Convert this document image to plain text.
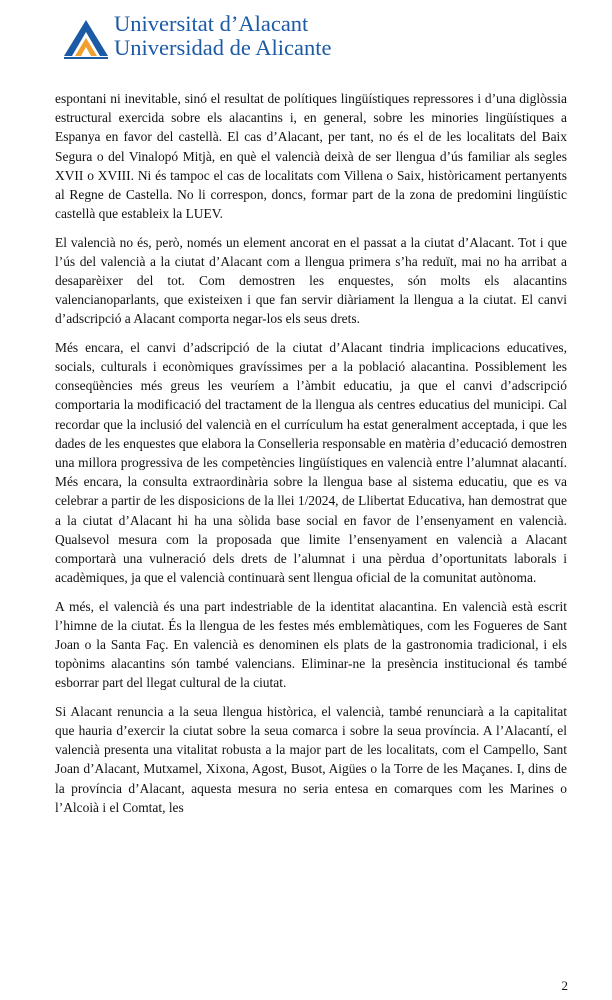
Universitat d’Alacant
Universidad de Alicante

espontani ni inevitable, sinó el resultat de polítiques lingüístiques repressores i d’una diglòssia estructural exercida sobre els alacantins i, en general, sobre les minories lingüístiques a Espanya en favor del castellà. El cas d’Alacant, per tant, no és el de les localitats del Baix Segura o del Vinalopó Mitjà, en què el valencià deixà de ser llengua d’ús familiar als segles XVII o XVIII. Ni és tampoc el cas de localitats com Villena o Saix, històricament pertanyents al Regne de Castella. No li correspon, doncs, formar part de la zona de predomini lingüístic castellà que estableix la LUEV.

El valencià no és, però, només un element ancorat en el passat a la ciutat d’Alacant. Tot i que l’ús del valencià a la ciutat d’Alacant com a llengua primera s’ha reduït, mai no ha arribat a desaparèixer del tot. Com demostren les enquestes, són molts els alacantins valencianoparlants, que existeixen i que fan servir diàriament la llengua a la ciutat. El canvi d’adscripció a Alacant comporta negar-los els seus drets.

Més encara, el canvi d’adscripció de la ciutat d’Alacant tindria implicacions educatives, socials, culturals i econòmiques gravíssimes per a la població alacantina. Possiblement les conseqüències més greus les veuríem a l’àmbit educatiu, ja que el canvi d’adscripció comportaria la modificació del tractament de la llengua als centres educatius del municipi. Cal recordar que la inclusió del valencià en el currículum ha estat generalment acceptada, i que les dades de les enquestes que elabora la Conselleria responsable en matèria d’educació demostren una millora progressiva de les competències lingüístiques en valencià entre l’alumnat alacantí. Més encara, la consulta extraordinària sobre la llengua base al sistema educatiu, que es va celebrar a partir de les disposicions de la llei 1/2024, de Llibertat Educativa, han demostrat que a la ciutat d’Alacant hi ha una sòlida base social en favor de l’ensenyament en valencià. Qualsevol mesura com la proposada que limite l’ensenyament en valencià a Alacant comportarà una vulneració dels drets de l’alumnat i una pèrdua d’oportunitats laborals i acadèmiques, ja que el valencià continuarà sent llengua oficial de la comunitat autònoma.

A més, el valencià és una part indestriable de la identitat alacantina. En valencià està escrit l’himne de la ciutat. És la llengua de les festes més emblemàtiques, com les Fogueres de Sant Joan o la Santa Faç. En valencià es denominen els plats de la gastronomia tradicional, i els topònims alacantins són també valencians. Eliminar-ne la presència institucional és també esborrar part del llegat cultural de la ciutat.

Si Alacant renuncia a la seua llengua històrica, el valencià, també renunciarà a la capitalitat que hauria d’exercir la ciutat sobre la seua comarca i sobre la seua província. A l’Alacantí, el valencià presenta una vitalitat robusta a la major part de les localitats, com el Campello, Sant Joan d’Alacant, Mutxamel, Xixona, Agost, Busot, Aigües o la Torre de les Maçanes. I, dins de la província d’Alacant, aquesta mesura no seria entesa en comarques com les Marines o l’Alcoià i el Comtat, les

2
